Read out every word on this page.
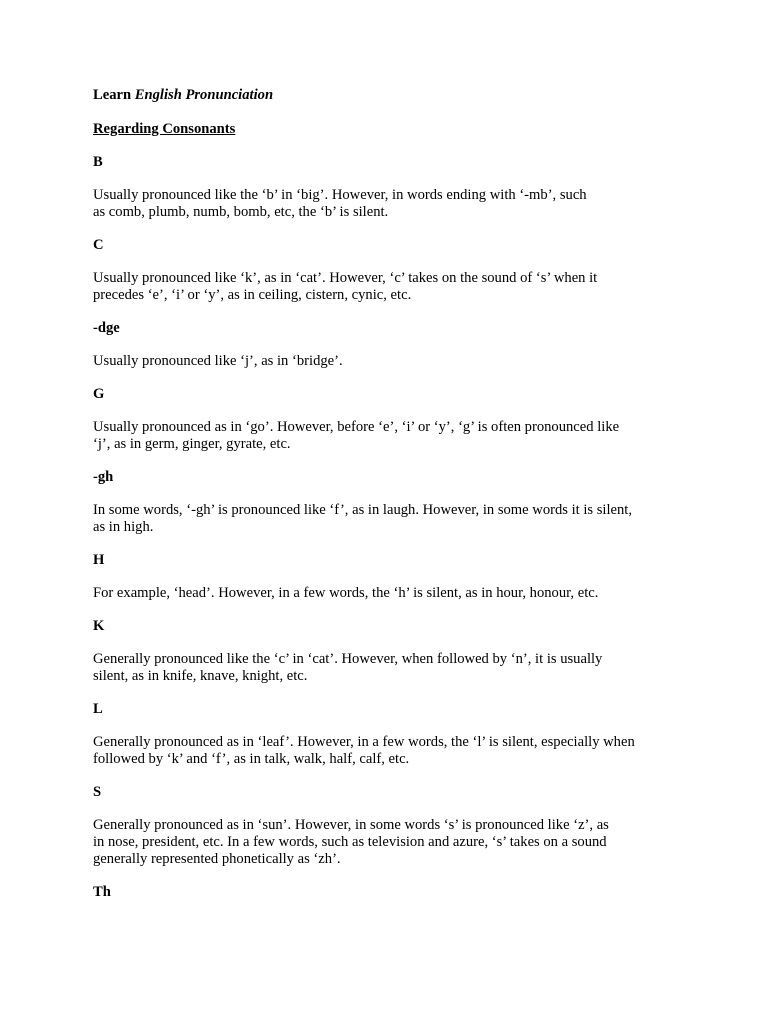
Learn English Pronunciation

Regarding Consonants

B

Usually pronounced like the ‘b’ in ‘big’. However, in words ending with ‘-mb’, such
as comb, plumb, numb, bomb, etc, the ‘b’ is silent.

C

Usually pronounced like ‘k’, as in ‘cat’. However, ‘c’ takes on the sound of ‘s’ when it
precedes ‘e’, ‘i’ or ‘y’, as in ceiling, cistern, cynic, etc.

-dge

Usually pronounced like ‘j’, as in ‘bridge’.

G

Usually pronounced as in ‘go’. However, before ‘e’, ‘i’ or ‘y’, ‘g’ is often pronounced like
‘j’, as in germ, ginger, gyrate, etc.

-gh

In some words, ‘-gh’ is pronounced like ‘f’, as in laugh. However, in some words it is silent,
as in high.

H

For example, ‘head’. However, in a few words, the ‘h’ is silent, as in hour, honour, etc.

K

Generally pronounced like the ‘c’ in ‘cat’. However, when followed by ‘n’, it is usually
silent, as in knife, knave, knight, etc.

L

Generally pronounced as in ‘leaf’. However, in a few words, the ‘l’ is silent, especially when
followed by ‘k’ and ‘f’, as in talk, walk, half, calf, etc.

S

Generally pronounced as in ‘sun’. However, in some words ‘s’ is pronounced like ‘z’, as
in nose, president, etc. In a few words, such as television and azure, ‘s’ takes on a sound
generally represented phonetically as ‘zh’.

Th
